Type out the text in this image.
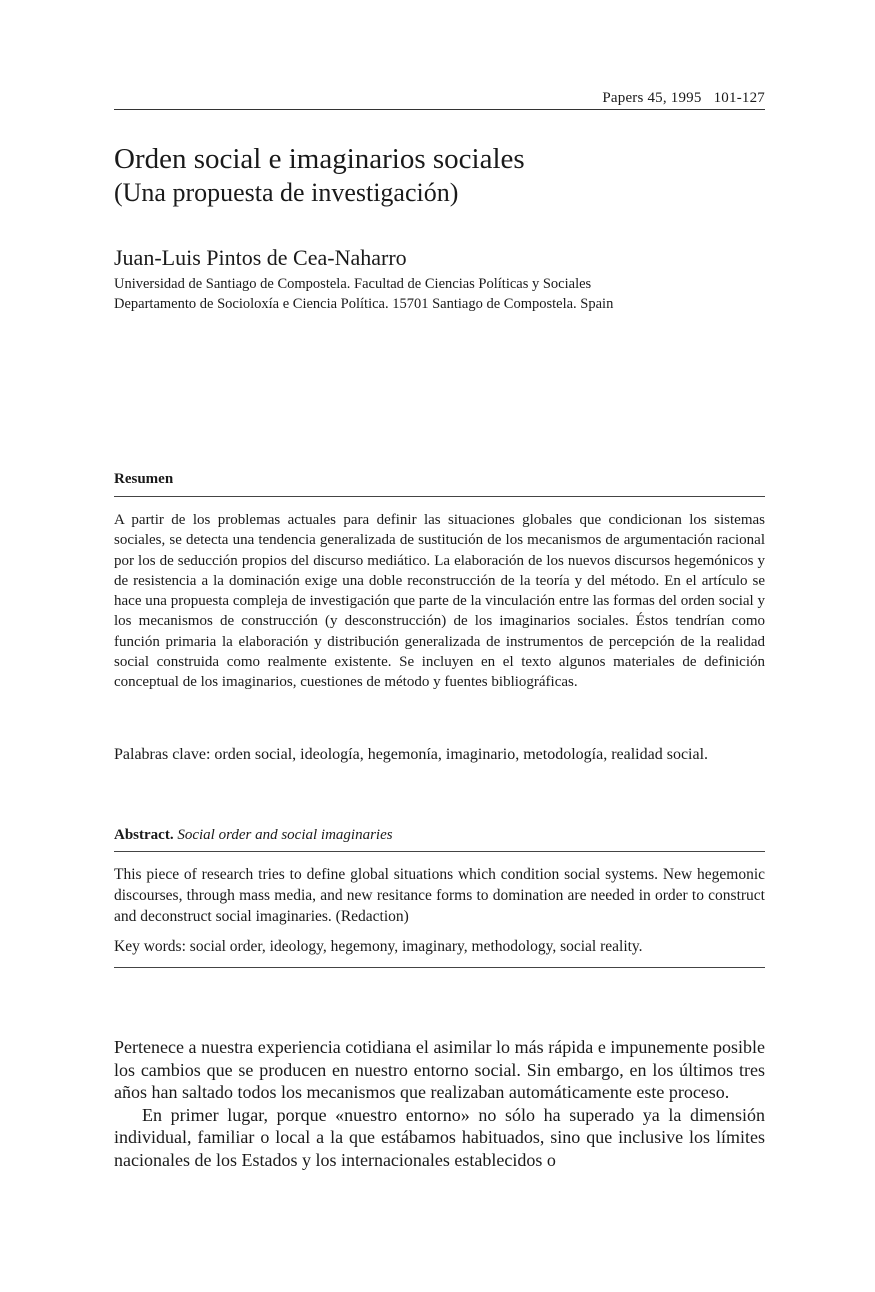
Papers 45, 1995 101-127
Orden social e imaginarios sociales
(Una propuesta de investigación)
Juan-Luis Pintos de Cea-Naharro
Universidad de Santiago de Compostela. Facultad de Ciencias Políticas y Sociales
Departamento de Socioloxía e Ciencia Política. 15701 Santiago de Compostela. Spain
Resumen

A partir de los problemas actuales para definir las situaciones globales que condicionan los sistemas sociales, se detecta una tendencia generalizada de sustitución de los mecanismos de argumentación racional por los de seducción propios del discurso mediático. La elaboración de los nuevos discursos hegemónicos y de resistencia a la dominación exige una doble reconstrucción de la teoría y del método. En el artículo se hace una propuesta compleja de investigación que parte de la vinculación entre las formas del orden social y los mecanismos de construcción (y desconstrucción) de los imaginarios sociales. Éstos tendrían como función primaria la elaboración y distribución generalizada de instrumentos de percepción de la realidad social construida como realmente existente. Se incluyen en el texto algunos materiales de definición conceptual de los imaginarios, cuestiones de método y fuentes bibliográficas.

Palabras clave: orden social, ideología, hegemonía, imaginario, metodología, realidad social.

Abstract. Social order and social imaginaries

This piece of research tries to define global situations which condition social systems. New hegemonic discourses, through mass media, and new resitance forms to domination are needed in order to construct and deconstruct social imaginaries. (Redaction)

Key words: social order, ideology, hegemony, imaginary, methodology, social reality.

Pertenece a nuestra experiencia cotidiana el asimilar lo más rápida e impunemente posible los cambios que se producen en nuestro entorno social. Sin embargo, en los últimos tres años han saltado todos los mecanismos que realizaban automáticamente este proceso.

En primer lugar, porque «nuestro entorno» no sólo ha superado ya la dimensión individual, familiar o local a la que estábamos habituados, sino que inclusive los límites nacionales de los Estados y los internacionales establecidos o
